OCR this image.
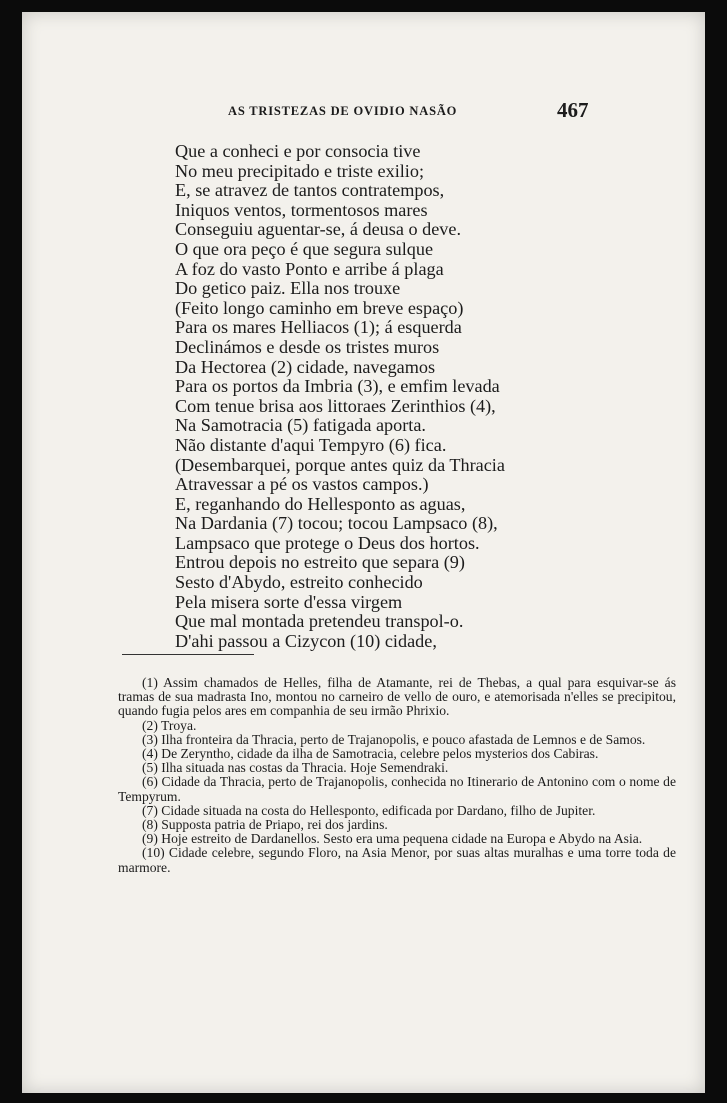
AS TRISTEZAS DE OVIDIO NASÃO	467
Que a conheci e por consocia tive
No meu precipitado e triste exilio;
E, se atravez de tantos contratempos,
Iniquos ventos, tormentosos mares
Conseguiu aguentar-se, á deusa o deve.
O que ora peço é que segura sulque
A foz do vasto Ponto e arribe á plaga
Do getico paiz. Ella nos trouxe
(Feito longo caminho em breve espaço)
Para os mares Helliacos (1); á esquerda
Declinámos e desde os tristes muros
Da Hectorea (2) cidade, navegamos
Para os portos da Imbria (3), e emfim levada
Com tenue brisa aos littoraes Zerinthios (4),
Na Samotracia (5) fatigada aporta.
Não distante d'aqui Tempyro (6) fica.
(Desembarquei, porque antes quiz da Thracia
Atravessar a pé os vastos campos.)
E, reganhando do Hellesponto as aguas,
Na Dardania (7) tocou; tocou Lampsaco (8),
Lampsaco que protege o Deus dos hortos.
Entrou depois no estreito que separa (9)
Sesto d'Abydo, estreito conhecido
Pela misera sorte d'essa virgem
Que mal montada pretendeu transpol-o.
D'ahi passou a Cizycon (10) cidade,
(1) Assim chamados de Helles, filha de Atamante, rei de Thebas, a qual para esquivar-se ás tramas de sua madrasta Ino, montou no carneiro de vello de ouro, e atemorisada n'elles se precipitou, quando fugia pelos ares em companhia de seu irmão Phrixio.
(2) Troya.
(3) Ilha fronteira da Thracia, perto de Trajanopolis, e pouco afastada de Lemnos e de Samos.
(4) De Zerynthо, cidade da ilha de Samotracia, celebre pelos mysterios dos Cabiras.
(5) Ilha situada nas costas da Thracia. Hoje Semendraki.
(6) Cidade da Thracia, perto de Trajanopolis, conhecida no Itinerario de Antonino com o nome de Tempyrum.
(7) Cidade situada na costa do Hellesponto, edificada por Dardano, filho de Jupiter.
(8) Supposta patria de Priapo, rei dos jardins.
(9) Hoje estreito de Dardanellos. Sesto era uma pequena cidade na Europa e Abydo na Asia.
(10) Cidade celebre, segundo Floro, na Asia Menor, por suas altas muralhas e uma torre toda de marmore.
